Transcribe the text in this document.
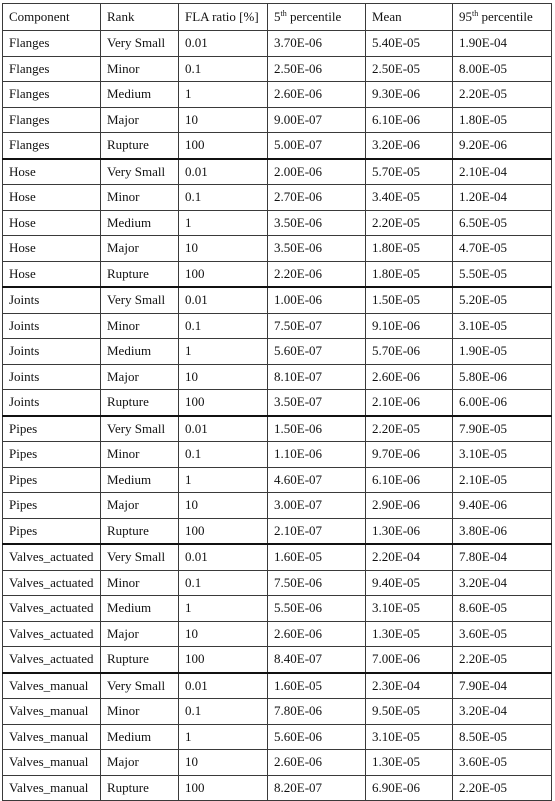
Component	Rank	FLA ratio [%]	5th percentile	Mean	95th percentile
Flanges	Very Small	0.01	3.70E-06	5.40E-05	1.90E-04
Flanges	Minor	0.1	2.50E-06	2.50E-05	8.00E-05
Flanges	Medium	1	2.60E-06	9.30E-06	2.20E-05
Flanges	Major	10	9.00E-07	6.10E-06	1.80E-05
Flanges	Rupture	100	5.00E-07	3.20E-06	9.20E-06
Hose	Very Small	0.01	2.00E-06	5.70E-05	2.10E-04
Hose	Minor	0.1	2.70E-06	3.40E-05	1.20E-04
Hose	Medium	1	3.50E-06	2.20E-05	6.50E-05
Hose	Major	10	3.50E-06	1.80E-05	4.70E-05
Hose	Rupture	100	2.20E-06	1.80E-05	5.50E-05
Joints	Very Small	0.01	1.00E-06	1.50E-05	5.20E-05
Joints	Minor	0.1	7.50E-07	9.10E-06	3.10E-05
Joints	Medium	1	5.60E-07	5.70E-06	1.90E-05
Joints	Major	10	8.10E-07	2.60E-06	5.80E-06
Joints	Rupture	100	3.50E-07	2.10E-06	6.00E-06
Pipes	Very Small	0.01	1.50E-06	2.20E-05	7.90E-05
Pipes	Minor	0.1	1.10E-06	9.70E-06	3.10E-05
Pipes	Medium	1	4.60E-07	6.10E-06	2.10E-05
Pipes	Major	10	3.00E-07	2.90E-06	9.40E-06
Pipes	Rupture	100	2.10E-07	1.30E-06	3.80E-06
Valves_actuated	Very Small	0.01	1.60E-05	2.20E-04	7.80E-04
Valves_actuated	Minor	0.1	7.50E-06	9.40E-05	3.20E-04
Valves_actuated	Medium	1	5.50E-06	3.10E-05	8.60E-05
Valves_actuated	Major	10	2.60E-06	1.30E-05	3.60E-05
Valves_actuated	Rupture	100	8.40E-07	7.00E-06	2.20E-05
Valves_manual	Very Small	0.01	1.60E-05	2.30E-04	7.90E-04
Valves_manual	Minor	0.1	7.80E-06	9.50E-05	3.20E-04
Valves_manual	Medium	1	5.60E-06	3.10E-05	8.50E-05
Valves_manual	Major	10	2.60E-06	1.30E-05	3.60E-05
Valves_manual	Rupture	100	8.20E-07	6.90E-06	2.20E-05
